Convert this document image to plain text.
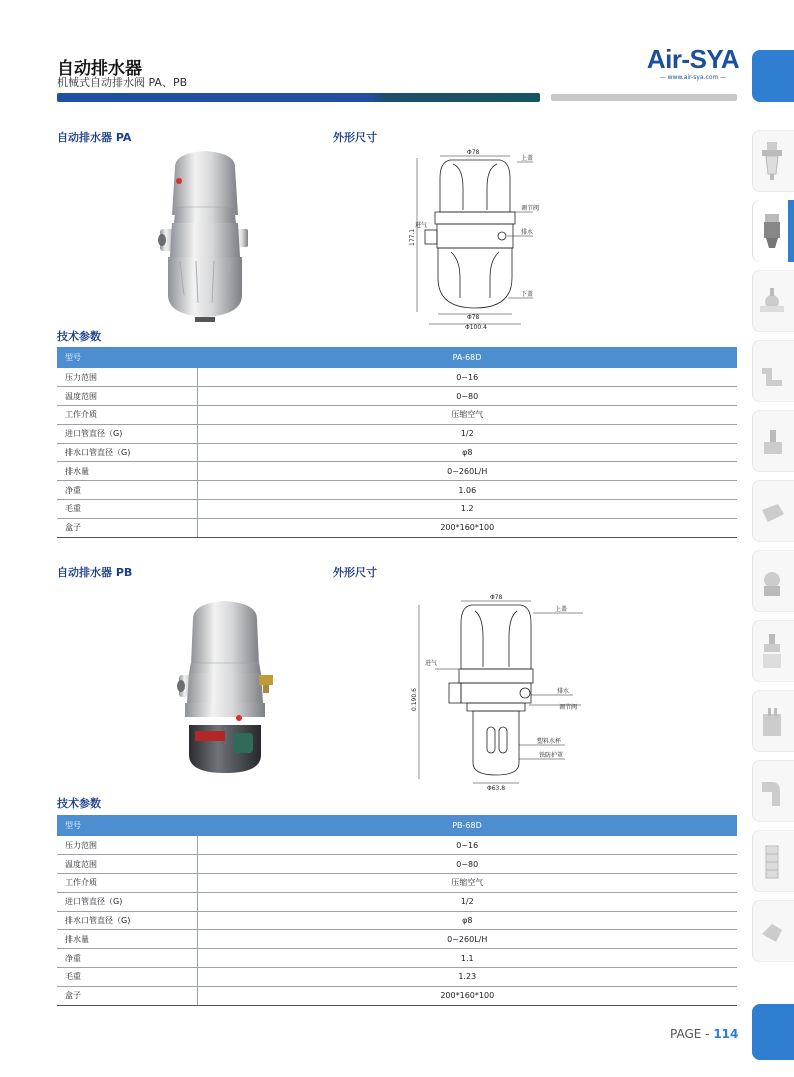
自动排水器
机械式自动排水阀 PA、PB
Air-SYA
— www.air-sya.com —
自动排水器 PA	外形尺寸
Φ78
上盖
调节阀
进气
排水
177.1
下盖
Φ78
Φ100.4
技术参数
型号	PA-68D
压力范围	0~16
温度范围	0~80
工作介质	压缩空气
进口管直径（G)	1/2
排水口管直径（G)	φ8
排水量	0~260L/H
净重	1.06
毛重	1.2
盒子	200*160*100
自动排水器 PB	外形尺寸
Φ78
上盖
进气
排水
调节阀
0.190.6
塑料水杯
铁防护罩
Φ63.8
技术参数
型号	PB-68D
压力范围	0~16
温度范围	0~80
工作介质	压缩空气
进口管直径（G)	1/2
排水口管直径（G)	φ8
排水量	0~260L/H
净重	1.1
毛重	1.23
盒子	200*160*100
PAGE - 114
